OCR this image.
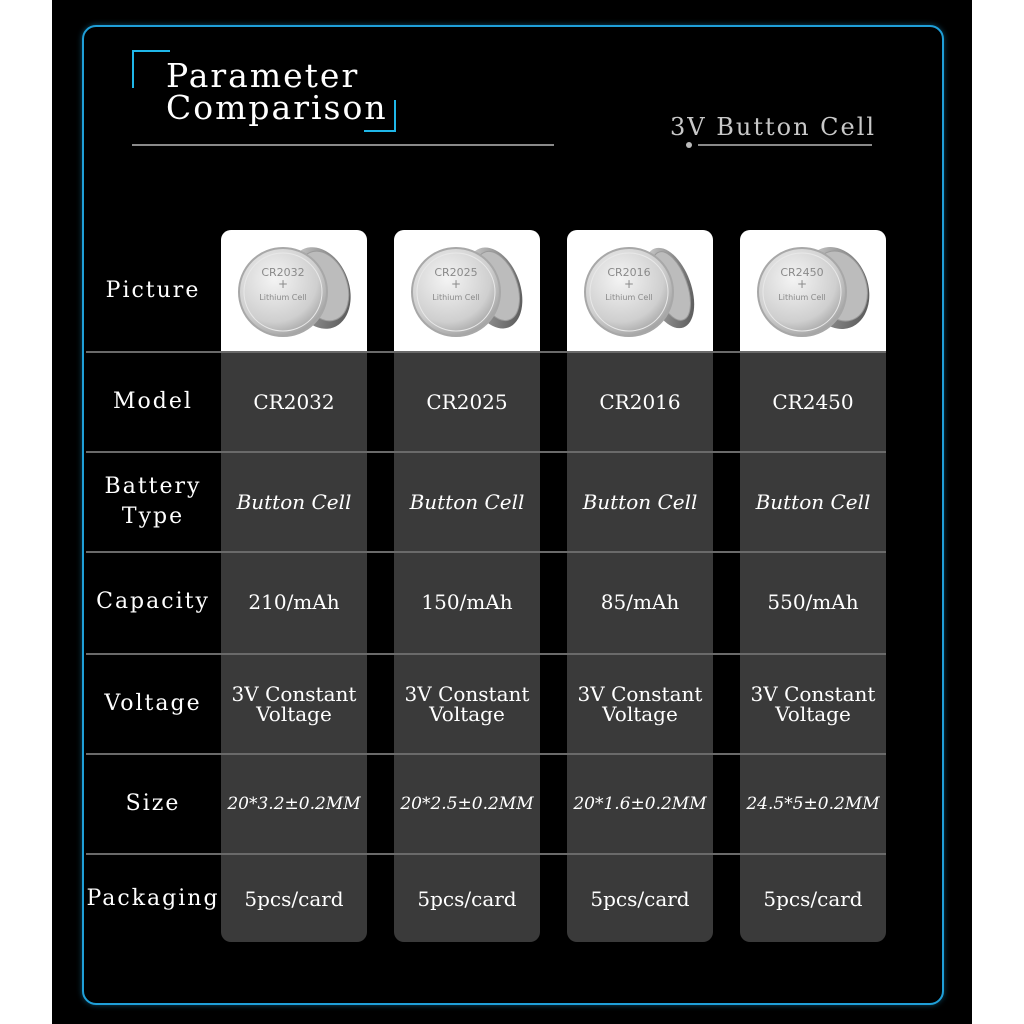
Parameter
Comparison	3V Button Cell
Picture
Model
Battery
Type
Capacity
Voltage
Size
Packaging
CR2032
+
Lithium Cell
CR2032
Button Cell
210/mAh
3V Constant
Voltage
20*3.2±0.2MM
5pcs/card
CR2025
+
Lithium Cell
CR2025
Button Cell
150/mAh
3V Constant
Voltage
20*2.5±0.2MM
5pcs/card
CR2016
+
Lithium Cell
CR2016
Button Cell
85/mAh
3V Constant
Voltage
20*1.6±0.2MM
5pcs/card
CR2450
+
Lithium Cell
CR2450
Button Cell
550/mAh
3V Constant
Voltage
24.5*5±0.2MM
5pcs/card
